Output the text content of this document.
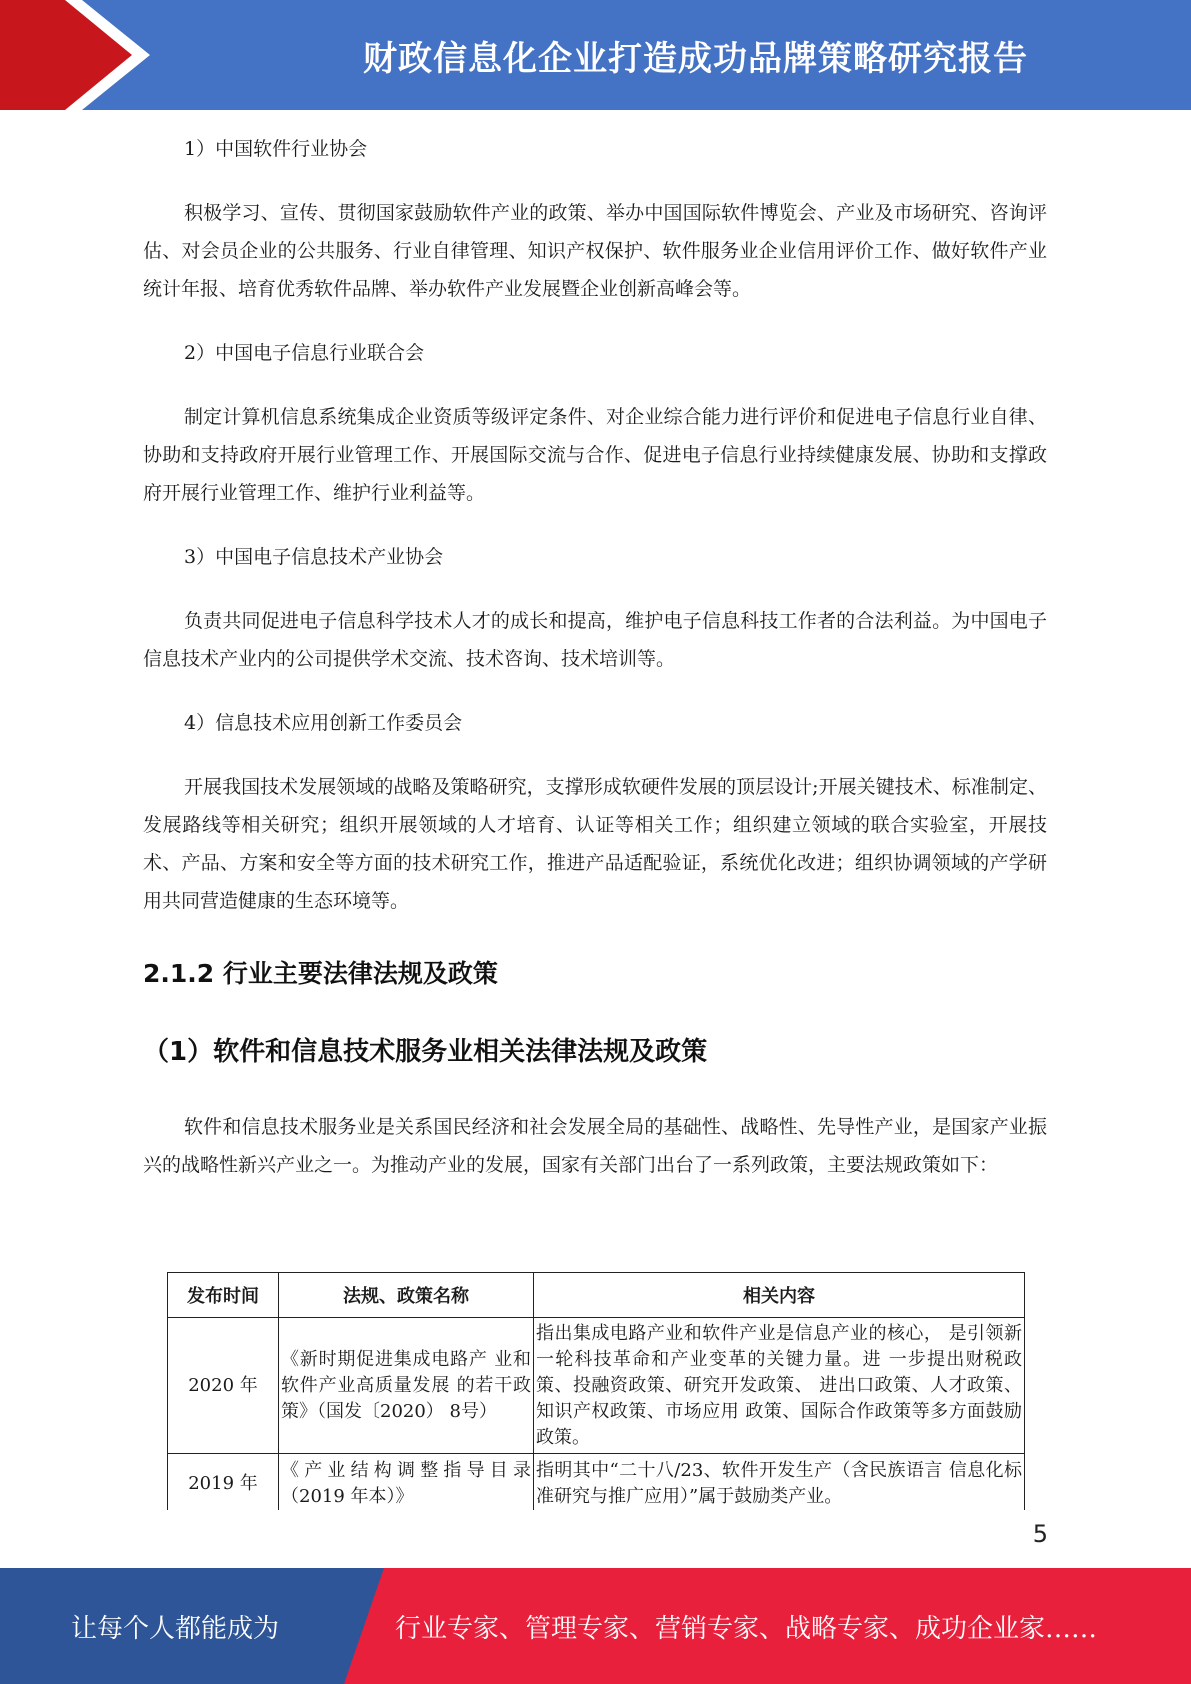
财政信息化企业打造成功品牌策略研究报告

1）中国软件行业协会

积极学习、宣传、贯彻国家鼓励软件产业的政策、举办中国国际软件博览会、产业及市场研究、咨询评估、对会员企业的公共服务、行业自律管理、知识产权保护、软件服务业企业信用评价工作、做好软件产业统计年报、培育优秀软件品牌、举办软件产业发展暨企业创新高峰会等。

2）中国电子信息行业联合会

制定计算机信息系统集成企业资质等级评定条件、对企业综合能力进行评价和促进电子信息行业自律、协助和支持政府开展行业管理工作、开展国际交流与合作、促进电子信息行业持续健康发展、协助和支撑政府开展行业管理工作、维护行业利益等。

3）中国电子信息技术产业协会

负责共同促进电子信息科学技术人才的成长和提高，维护电子信息科技工作者的合法利益。为中国电子信息技术产业内的公司提供学术交流、技术咨询、技术培训等。

4）信息技术应用创新工作委员会

开展我国技术发展领域的战略及策略研究，支撑形成软硬件发展的顶层设计;开展关键技术、标准制定、发展路线等相关研究；组织开展领域的人才培育、认证等相关工作；组织建立领域的联合实验室，开展技术、产品、方案和安全等方面的技术研究工作，推进产品适配验证，系统优化改进；组织协调领域的产学研用共同营造健康的生态环境等。

2.1.2 行业主要法律法规及政策
（1）软件和信息技术服务业相关法律法规及政策

软件和信息技术服务业是关系国民经济和社会发展全局的基础性、战略性、先导性产业，是国家产业振兴的战略性新兴产业之一。为推动产业的发展，国家有关部门出台了一系列政策，主要法规政策如下：

发布时间	法规、政策名称	相关内容
2020 年	《新时期促进集成电路产 业和软件产业高质量发展 的若干政策》（国发〔2020） 8号）	指出集成电路产业和软件产业是信息产业的核心， 是引领新一轮科技革命和产业变革的关键力量。进 一步提出财税政策、投融资政策、研究开发政策、 进出口政策、人才政策、知识产权政策、市场应用 政策、国际合作政策等多方面鼓励政策。
2019 年	《产业结构调整指导目录（2019 年本）》	指明其中“二十八/23、软件开发生产（含民族语言 信息化标准研究与推广应用）”属于鼓励类产业。
5
让每个人都能成为	行业专家、管理专家、营销专家、战略专家、成功企业家……
